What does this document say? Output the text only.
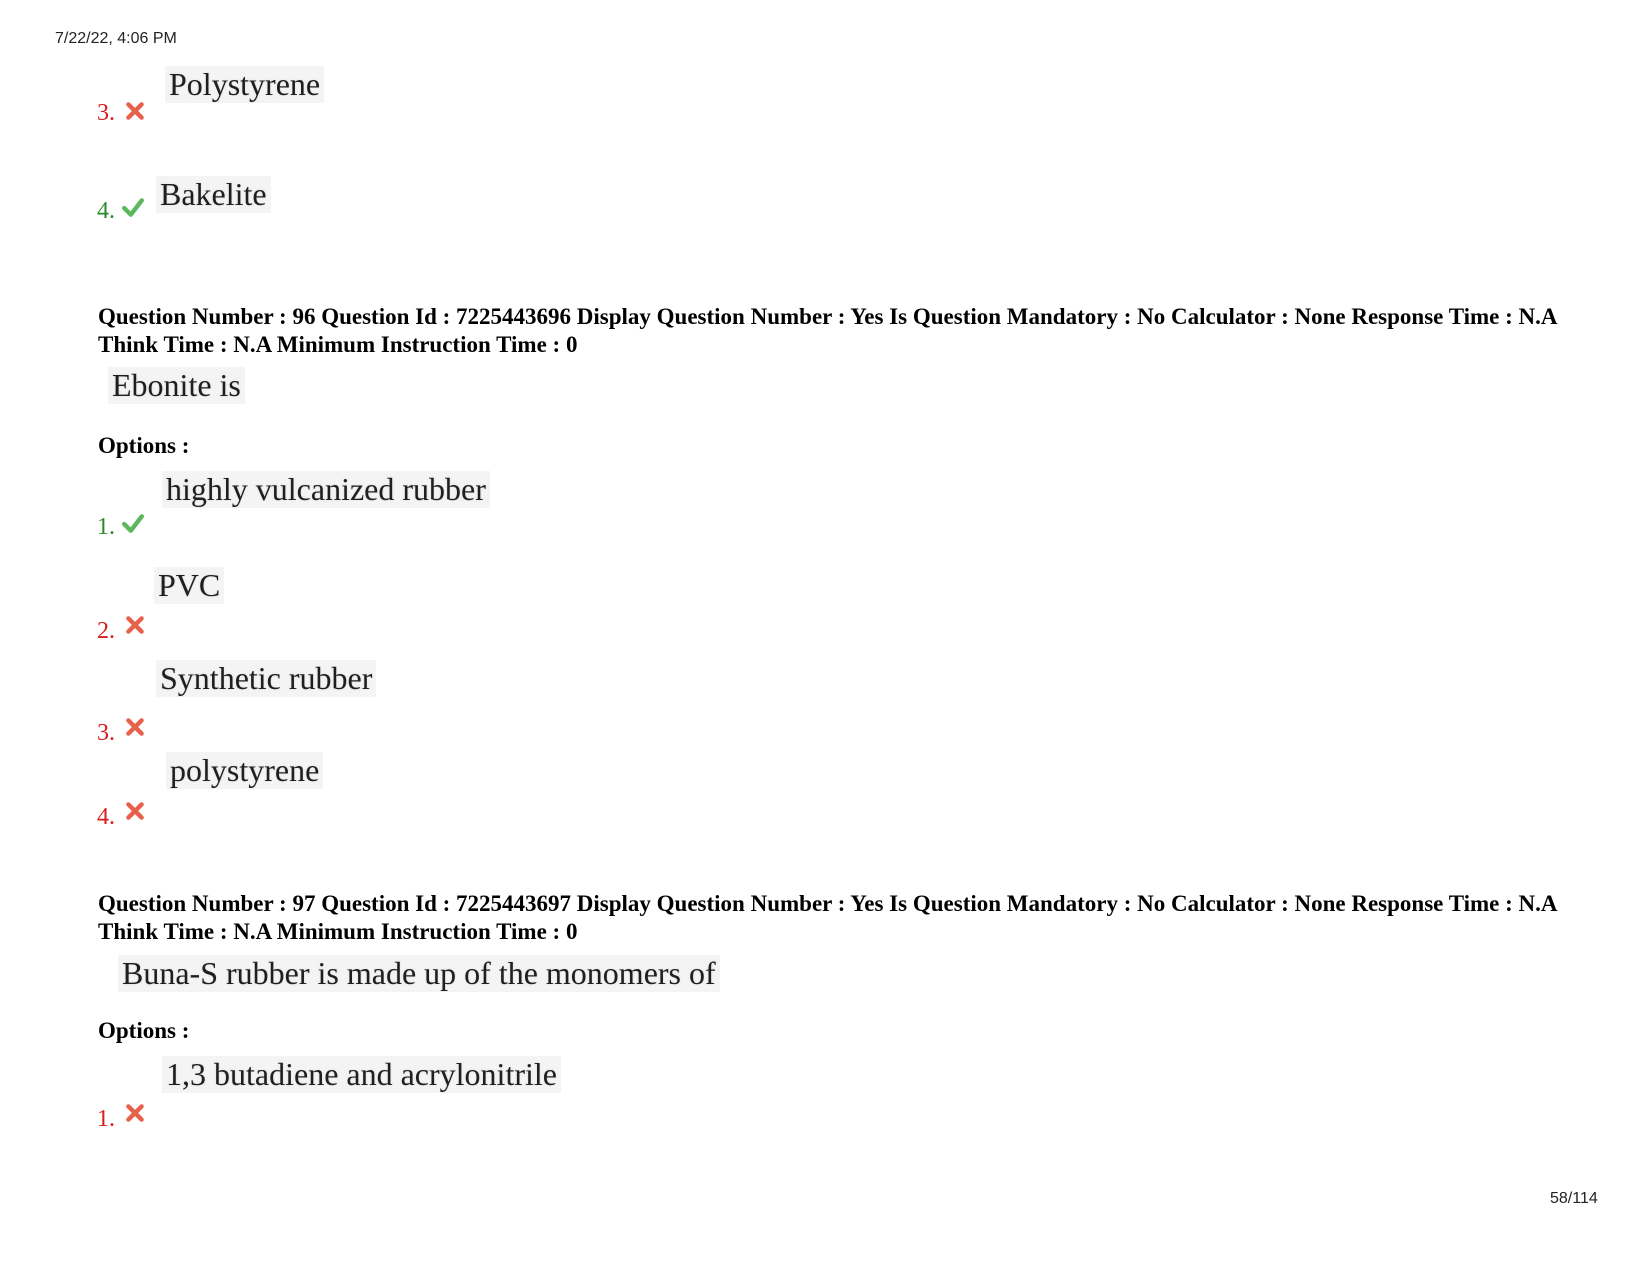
7/22/22, 4:06 PM
3.
Polystyrene
4. Bakelite
Question Number : 96 Question Id : 7225443696 Display Question Number : Yes Is Question Mandatory : No Calculator : None Response Time : N.A Think Time : N.A Minimum Instruction Time : 0
Ebonite is
Options :
1.
highly vulcanized rubber
2.
PVC
3.
Synthetic rubber
4.
polystyrene
Question Number : 97 Question Id : 7225443697 Display Question Number : Yes Is Question Mandatory : No Calculator : None Response Time : N.A Think Time : N.A Minimum Instruction Time : 0
Buna-S rubber is made up of the monomers of
Options :
1.
1,3 butadiene and acrylonitrile
58/114
